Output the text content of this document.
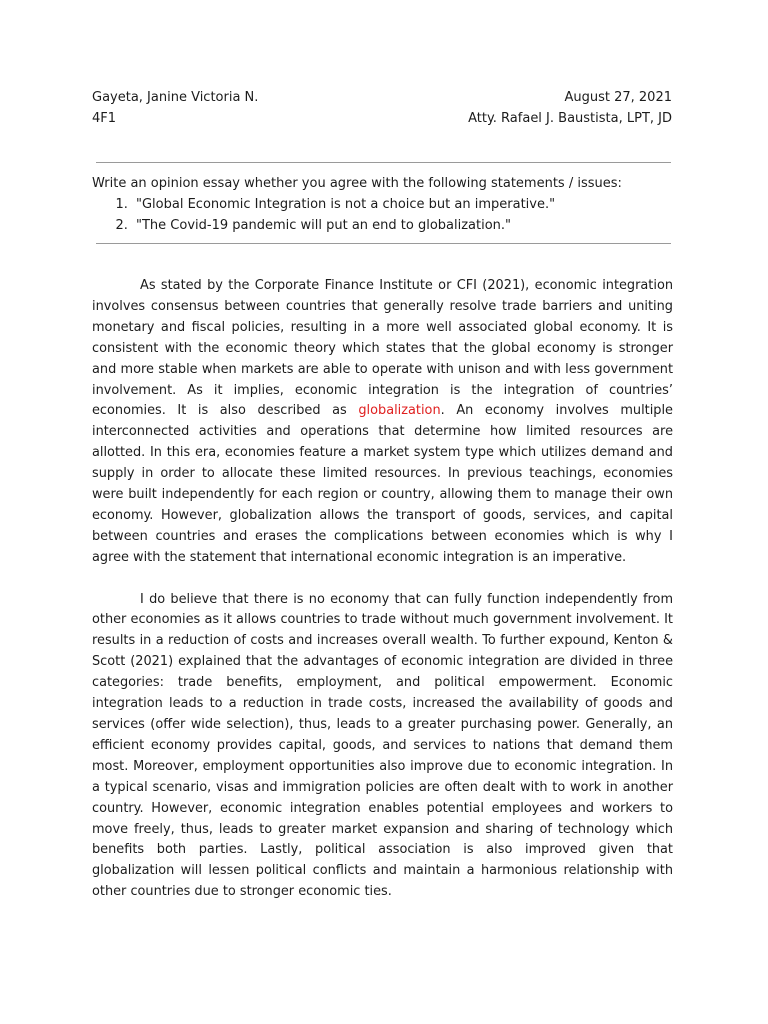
Gayeta, Janine Victoria N.	August 27, 2021
4F1	Atty. Rafael J. Baustista, LPT, JD

Write an opinion essay whether you agree with the following statements / issues:

1. "Global Economic Integration is not a choice but an imperative."
2. "The Covid-19 pandemic will put an end to globalization."

As stated by the Corporate Finance Institute or CFI (2021), economic integration involves consensus between countries that generally resolve trade barriers and uniting monetary and fiscal policies, resulting in a more well associated global economy. It is consistent with the economic theory which states that the global economy is stronger and more stable when markets are able to operate with unison and with less government involvement. As it implies, economic integration is the integration of countries’ economies. It is also described as globalization. An economy involves multiple interconnected activities and operations that determine how limited resources are allotted. In this era, economies feature a market system type which utilizes demand and supply in order to allocate these limited resources. In previous teachings, economies were built independently for each region or country, allowing them to manage their own economy. However, globalization allows the transport of goods, services, and capital between countries and erases the complications between economies which is why I agree with the statement that international economic integration is an imperative.

I do believe that there is no economy that can fully function independently from other economies as it allows countries to trade without much government involvement. It results in a reduction of costs and increases overall wealth. To further expound, Kenton & Scott (2021) explained that the advantages of economic integration are divided in three categories: trade benefits, employment, and political empowerment. Economic integration leads to a reduction in trade costs, increased the availability of goods and services (offer wide selection), thus, leads to a greater purchasing power. Generally, an efficient economy provides capital, goods, and services to nations that demand them most. Moreover, employment opportunities also improve due to economic integration. In a typical scenario, visas and immigration policies are often dealt with to work in another country. However, economic integration enables potential employees and workers to move freely, thus, leads to greater market expansion and sharing of technology which benefits both parties. Lastly, political association is also improved given that globalization will lessen political conflicts and maintain a harmonious relationship with other countries due to stronger economic ties.
